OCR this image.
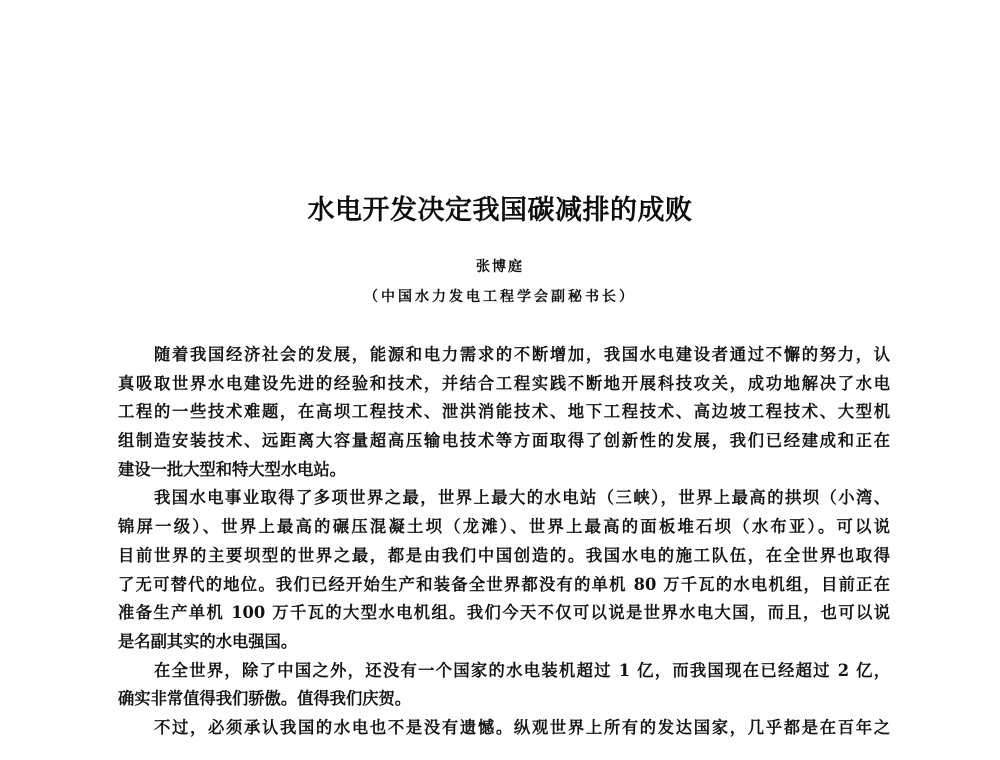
水电开发决定我国碳减排的成败
张博庭
（中国水力发电工程学会副秘书长）
随着我国经济社会的发展，能源和电力需求的不断增加，我国水电建设者通过不懈的努力，认
真吸取世界水电建设先进的经验和技术，并结合工程实践不断地开展科技攻关，成功地解决了水电
工程的一些技术难题，在高坝工程技术、泄洪消能技术、地下工程技术、高边坡工程技术、大型机
组制造安装技术、远距离大容量超高压输电技术等方面取得了创新性的发展，我们已经建成和正在
建设一批大型和特大型水电站。
我国水电事业取得了多项世界之最，世界上最大的水电站（三峡），世界上最高的拱坝（小湾、
锦屏一级）、世界上最高的碾压混凝土坝（龙滩）、世界上最高的面板堆石坝（水布亚）。可以说
目前世界的主要坝型的世界之最，都是由我们中国创造的。我国水电的施工队伍，在全世界也取得
了无可替代的地位。我们已经开始生产和装备全世界都没有的单机 80 万千瓦的水电机组，目前正在
准备生产单机 100 万千瓦的大型水电机组。我们今天不仅可以说是世界水电大国，而且，也可以说
是名副其实的水电强国。
在全世界，除了中国之外，还没有一个国家的水电装机超过 1 亿，而我国现在已经超过 2 亿，
确实非常值得我们骄傲。值得我们庆贺。
不过，必须承认我国的水电也不是没有遗憾。纵观世界上所有的发达国家，几乎都是在百年之
